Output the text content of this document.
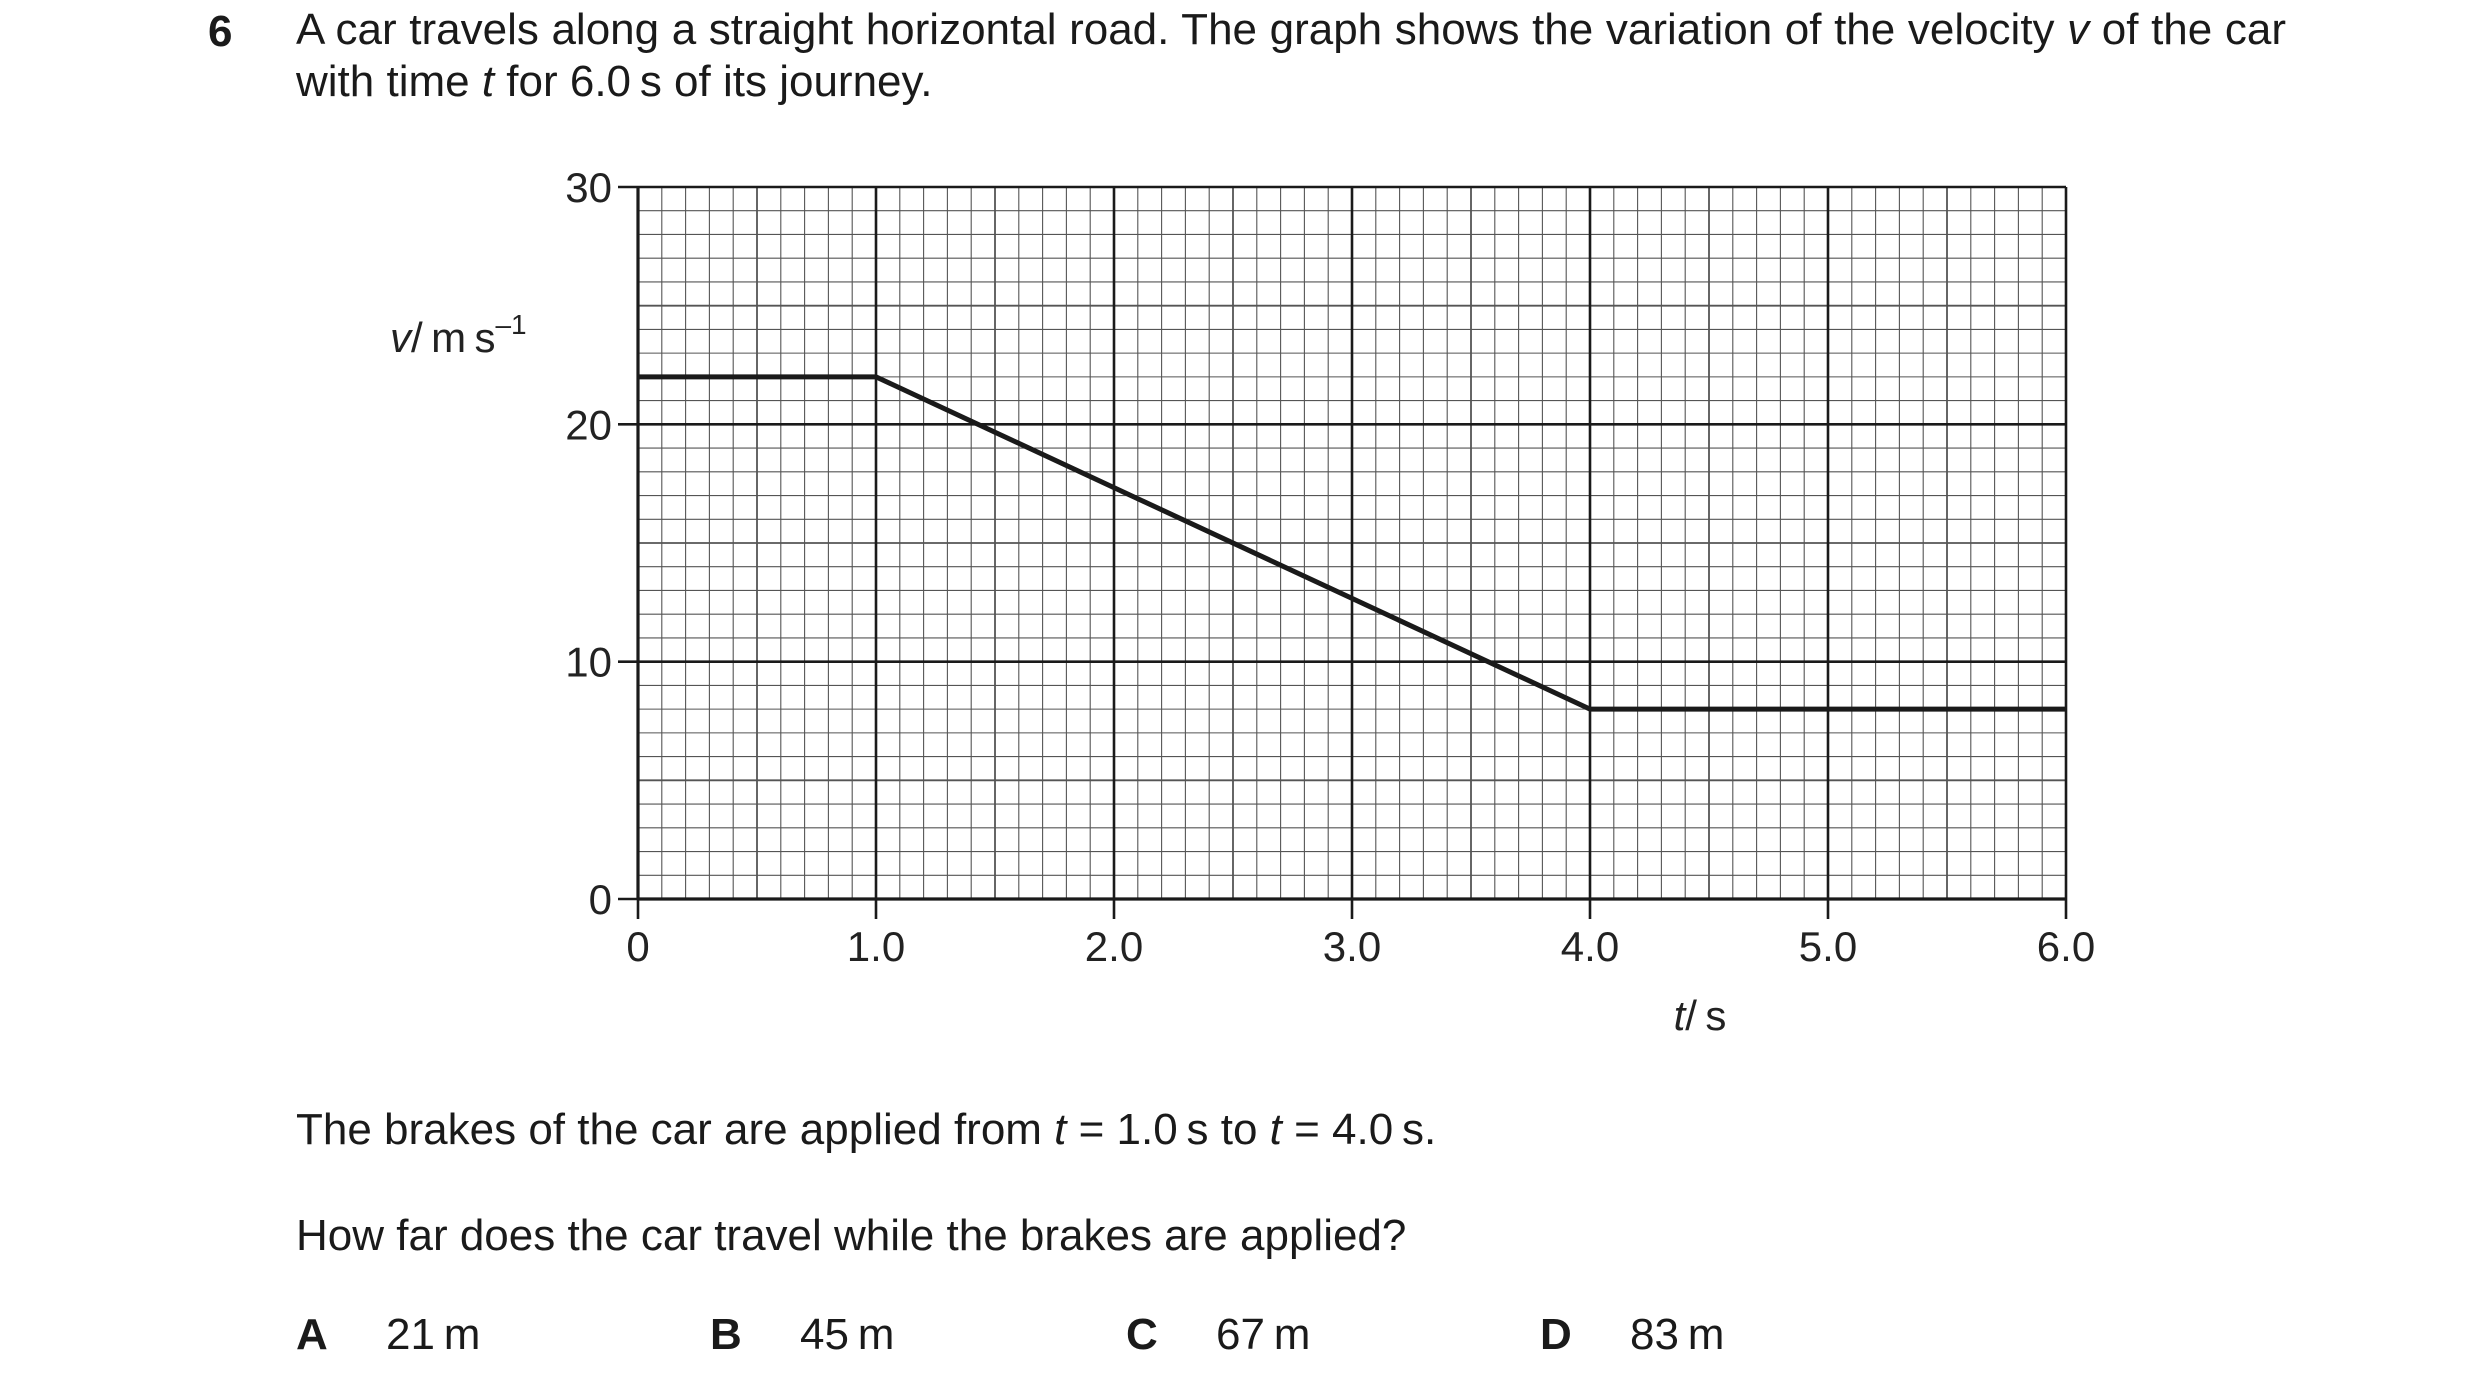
6 A car travels along a straight horizontal road. The graph shows the variation of the velocity v of the car with time t for 6.0 s of its journey.

0	1.0	2.0	3.0	4.0	5.0	6.0
0
10
20
30
v/ m $s^{-1}$
t/ s

The brakes of the car are applied from t = 1.0 s to t = 4.0 s.

How far does the car travel while the brakes are applied?

A 21 m	B 45 m	C 67 m	D 83 m
